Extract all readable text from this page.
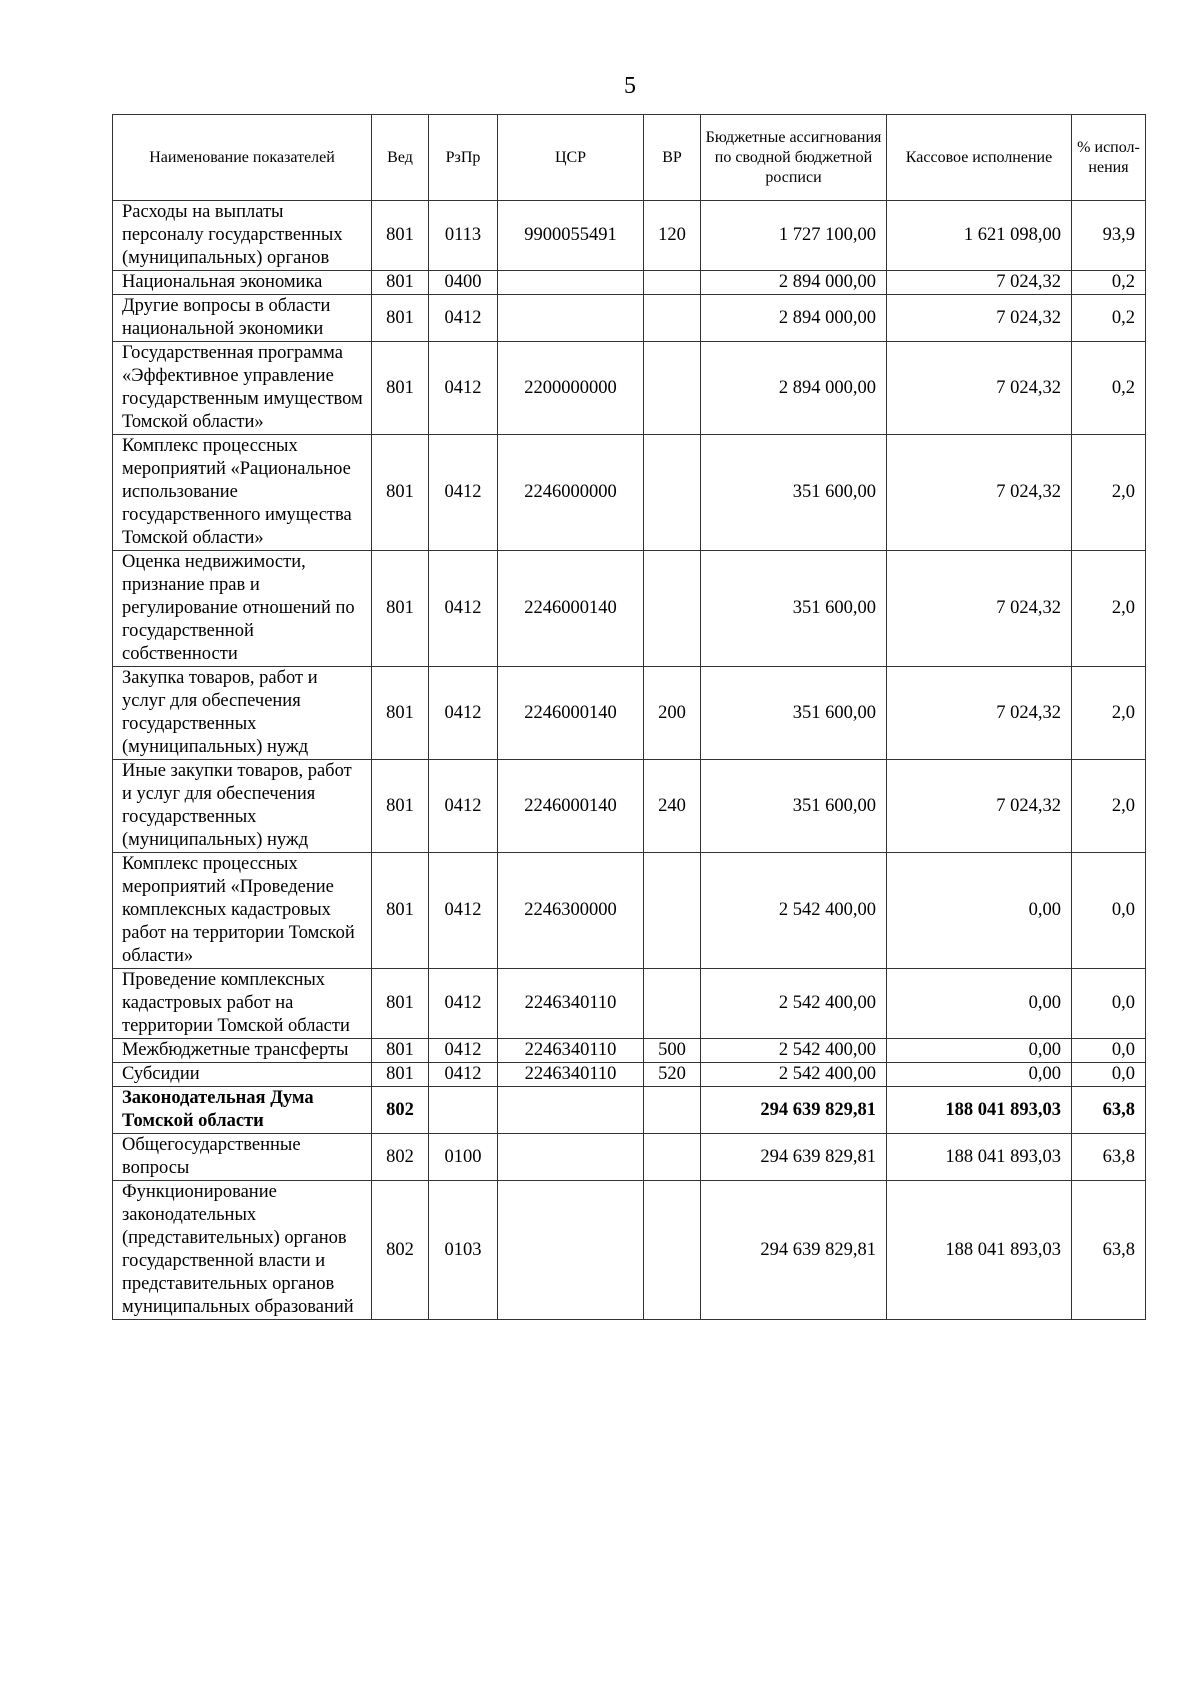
5
Наименование показателей	Вед	РзПр	ЦСР	ВР	Бюджетные ассигнования по сводной бюджетной росписи	Кассовое исполнение	% испол-нения
Расходы на выплаты персоналу государственных (муниципальных) органов	801	0113	9900055491	120	1 727 100,00	1 621 098,00	93,9
Национальная экономика	801	0400			2 894 000,00	7 024,32	0,2
Другие вопросы в области национальной экономики	801	0412			2 894 000,00	7 024,32	0,2
Государственная программа «Эффективное управление государственным имуществом Томской области»	801	0412	2200000000		2 894 000,00	7 024,32	0,2
Комплекс процессных мероприятий «Рациональное использование государственного имущества Томской области»	801	0412	2246000000		351 600,00	7 024,32	2,0
Оценка недвижимости, признание прав и регулирование отношений по государственной собственности	801	0412	2246000140		351 600,00	7 024,32	2,0
Закупка товаров, работ и услуг для обеспечения государственных (муниципальных) нужд	801	0412	2246000140	200	351 600,00	7 024,32	2,0
Иные закупки товаров, работ и услуг для обеспечения государственных (муниципальных) нужд	801	0412	2246000140	240	351 600,00	7 024,32	2,0
Комплекс процессных мероприятий «Проведение комплексных кадастровых работ на территории Томской области»	801	0412	2246300000		2 542 400,00	0,00	0,0
Проведение комплексных кадастровых работ на территории Томской области	801	0412	2246340110		2 542 400,00	0,00	0,0
Межбюджетные трансферты	801	0412	2246340110	500	2 542 400,00	0,00	0,0
Субсидии	801	0412	2246340110	520	2 542 400,00	0,00	0,0
Законодательная Дума Томской области	802				294 639 829,81	188 041 893,03	63,8
Общегосударственные вопросы	802	0100			294 639 829,81	188 041 893,03	63,8
Функционирование законодательных (представительных) органов государственной власти и представительных органов муниципальных образований	802	0103			294 639 829,81	188 041 893,03	63,8
